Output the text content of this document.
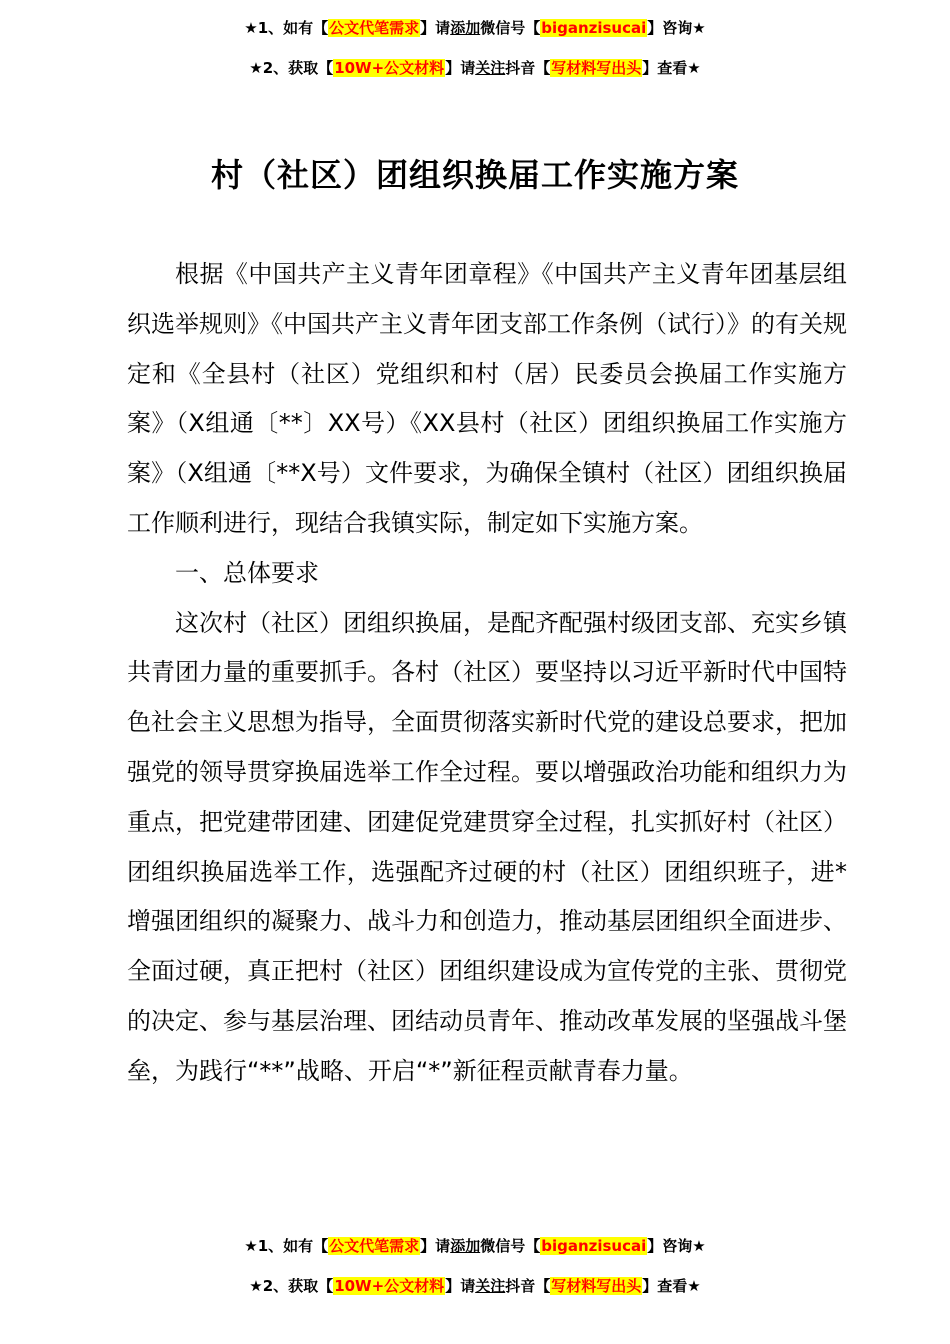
★1、如有【公文代笔需求】请添加微信号【biganzisucai】咨询★
★2、获取【10W+公文材料】请关注抖音【写材料写出头】查看★
村（社区）团组织换届工作实施方案

根据《中国共产主义青年团章程》《中国共产主义青年团基层组织选举规则》《中国共产主义青年团支部工作条例（试行）》的有关规定和《全县村（社区）党组织和村（居）民委员会换届工作实施方案》（X组通〔**〕XX号）《XX县村（社区）团组织换届工作实施方案》（X组通〔**X号）文件要求，为确保全镇村（社区）团组织换届工作顺利进行，现结合我镇实际，制定如下实施方案。

一、总体要求

这次村（社区）团组织换届，是配齐配强村级团支部、充实乡镇共青团力量的重要抓手。各村（社区）要坚持以习近平新时代中国特色社会主义思想为指导，全面贯彻落实新时代党的建设总要求，把加强党的领导贯穿换届选举工作全过程。要以增强政治功能和组织力为重点，把党建带团建、团建促党建贯穿全过程，扎实抓好村（社区）团组织换届选举工作，选强配齐过硬的村（社区）团组织班子，进*增强团组织的凝聚力、战斗力和创造力，推动基层团组织全面进步、全面过硬，真正把村（社区）团组织建设成为宣传党的主张、贯彻党的决定、参与基层治理、团结动员青年、推动改革发展的坚强战斗堡垒，为践行“**”战略、开启“*”新征程贡献青春力量。

★1、如有【公文代笔需求】请添加微信号【biganzisucai】咨询★
★2、获取【10W+公文材料】请关注抖音【写材料写出头】查看★
